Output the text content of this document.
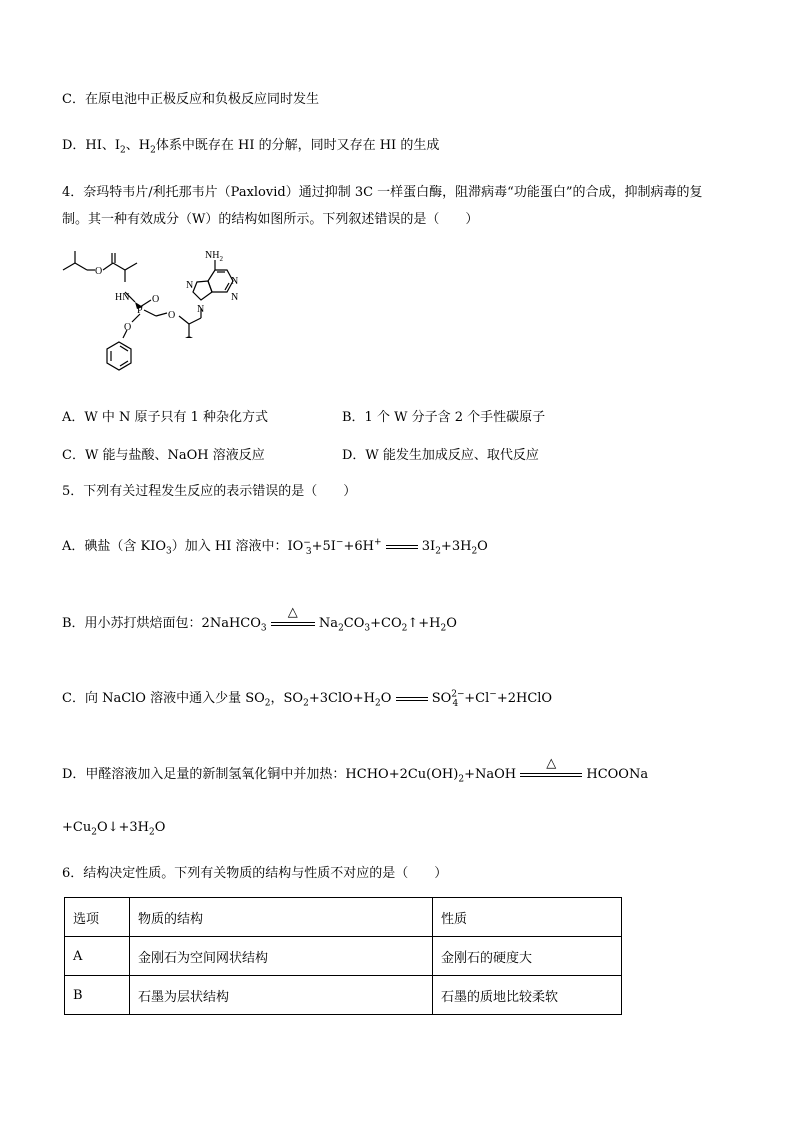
C．在原电池中正极反应和负极反应同时发生
D．HI、$I_2$、$H_2$体系中既存在 HI 的分解，同时又存在 HI 的生成
4．奈玛特韦片/利托那韦片（Paxlovid）通过抑制 3C 一样蛋白酶，阻滞病毒“功能蛋白”的合成，抑制病毒的复
制。其一种有效成分（W）的结构如图所示。下列叙述错误的是（　　）
O
HN
P
O
O
O
N
N
N
N
$NH_2$
A．W 中 N 原子只有 1 种杂化方式	B．1 个 W 分子含 2 个手性碳原子
C．W 能与盐酸、NaOH 溶液反应	D．W 能发生加成反应、取代反应
5．下列有关过程发生反应的表示错误的是（　　）
A．碘盐（含 $KIO_3$）加入 HI 溶液中：$IO^-_3+5I^-+6H^+$	$3I_2+3H_2O$
B．用小苏打烘焙面包：2NaHCO$_3$
△
$Na_2CO_3+CO_2↑+H_2O$
C．向 NaClO 溶液中通入少量 $SO_2$，$SO_2+3ClO+H_2O$	$SO^{2-}_4$ +Cl−+2HClO
D．甲醛溶液加入足量的新制氢氧化铜中并加热：$HCHO+2Cu(OH)_2+NaOH$
△
HCOONa
$+Cu_2O↓+3H_2O$
6．结构决定性质。下列有关物质的结构与性质不对应的是（　　）
选项	物质的结构	性质
A	金刚石为空间网状结构	金刚石的硬度大
B	石墨为层状结构	石墨的质地比较柔软
